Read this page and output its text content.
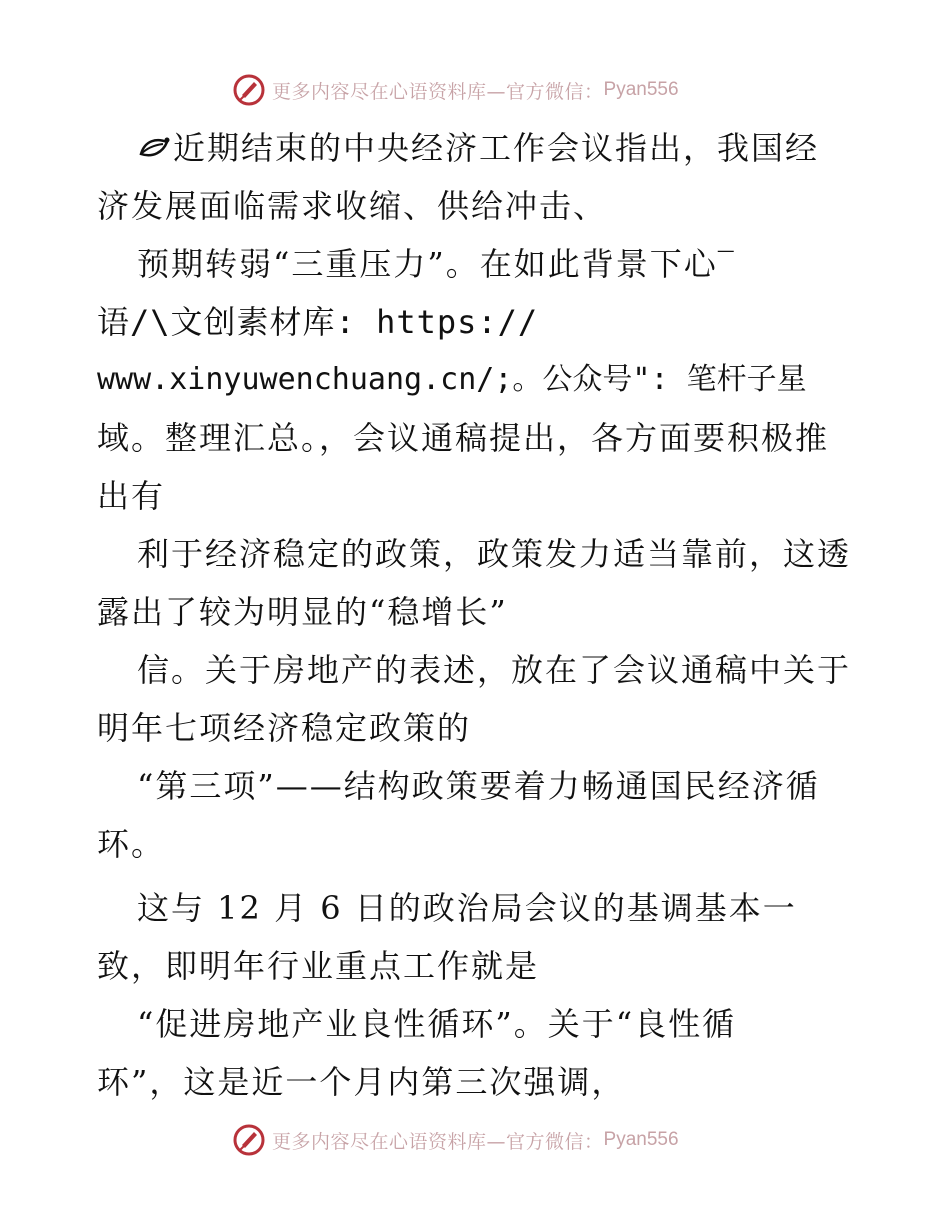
更多内容尽在心语资料库—官方微信： Pyan556
近期结束的中央经济工作会议指出，我国经
济发展面临需求收缩、供给冲击、
预期转弱“三重压力”。在如此背景下心‾
语/\文创素材库: https://
www.xinyuwenchuang.cn/;。公众号": 笔杆子星
域。整理汇总。，会议通稿提出，各方面要积极推
出有
利于经济稳定的政策，政策发力适当靠前，这透
露出了较为明显的“稳增长”
信。关于房地产的表述，放在了会议通稿中关于
明年七项经济稳定政策的
“第三项”——结构政策要着力畅通国民经济循
环。
这与 12 月 6 日的政治局会议的基调基本一
致，即明年行业重点工作就是
“促进房地产业良性循环”。关于“良性循
环”，这是近一个月内第三次强调，
更多内容尽在心语资料库—官方微信： Pyan556
